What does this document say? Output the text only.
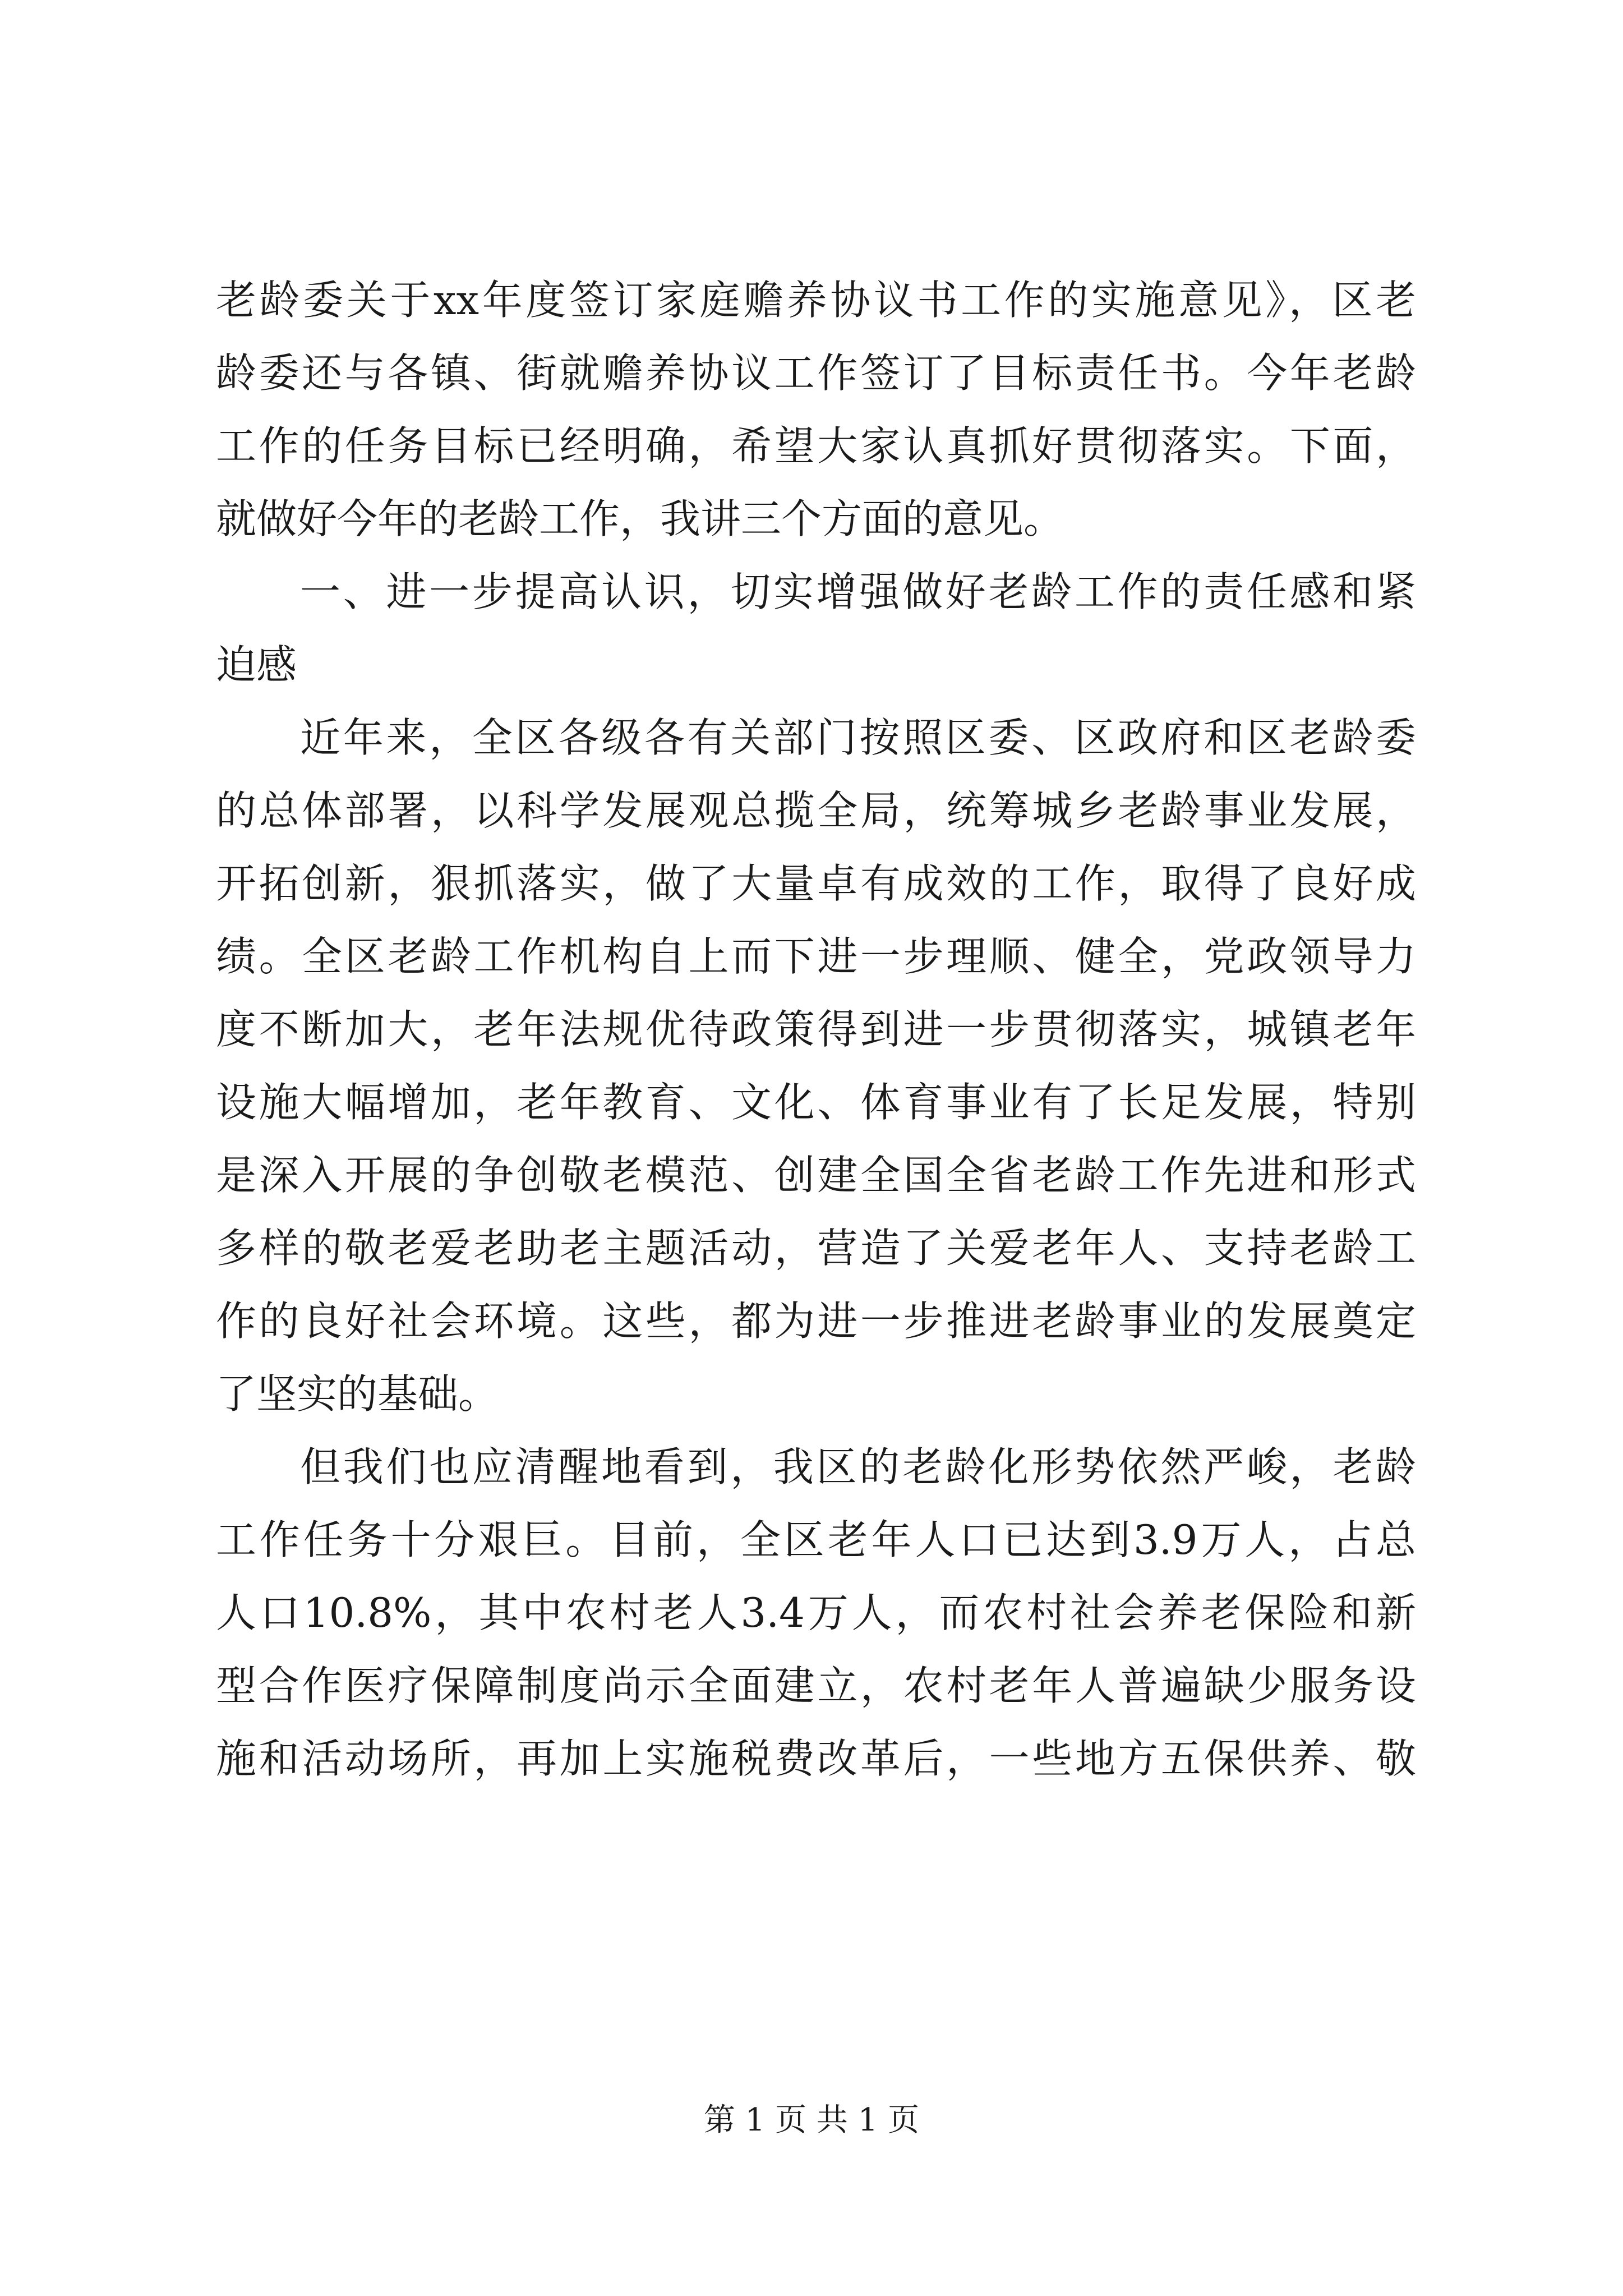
老龄委关于xx年度签订家庭赡养协议书工作的实施意见》，区老
龄委还与各镇、街就赡养协议工作签订了目标责任书。今年老龄
工作的任务目标已经明确，希望大家认真抓好贯彻落实。下面，
就做好今年的老龄工作，我讲三个方面的意见。
一、进一步提高认识，切实增强做好老龄工作的责任感和紧
迫感
近年来，全区各级各有关部门按照区委、区政府和区老龄委
的总体部署，以科学发展观总揽全局，统筹城乡老龄事业发展，
开拓创新，狠抓落实，做了大量卓有成效的工作，取得了良好成
绩。全区老龄工作机构自上而下进一步理顺、健全，党政领导力
度不断加大，老年法规优待政策得到进一步贯彻落实，城镇老年
设施大幅增加，老年教育、文化、体育事业有了长足发展，特别
是深入开展的争创敬老模范、创建全国全省老龄工作先进和形式
多样的敬老爱老助老主题活动，营造了关爱老年人、支持老龄工
作的良好社会环境。这些，都为进一步推进老龄事业的发展奠定
了坚实的基础。
但我们也应清醒地看到，我区的老龄化形势依然严峻，老龄
工作任务十分艰巨。目前，全区老年人口已达到3.9万人，占总
人口10.8%，其中农村老人3.4万人，而农村社会养老保险和新
型合作医疗保障制度尚示全面建立，农村老年人普遍缺少服务设
施和活动场所，再加上实施税费改革后，一些地方五保供养、敬
第 1 页 共 1 页
